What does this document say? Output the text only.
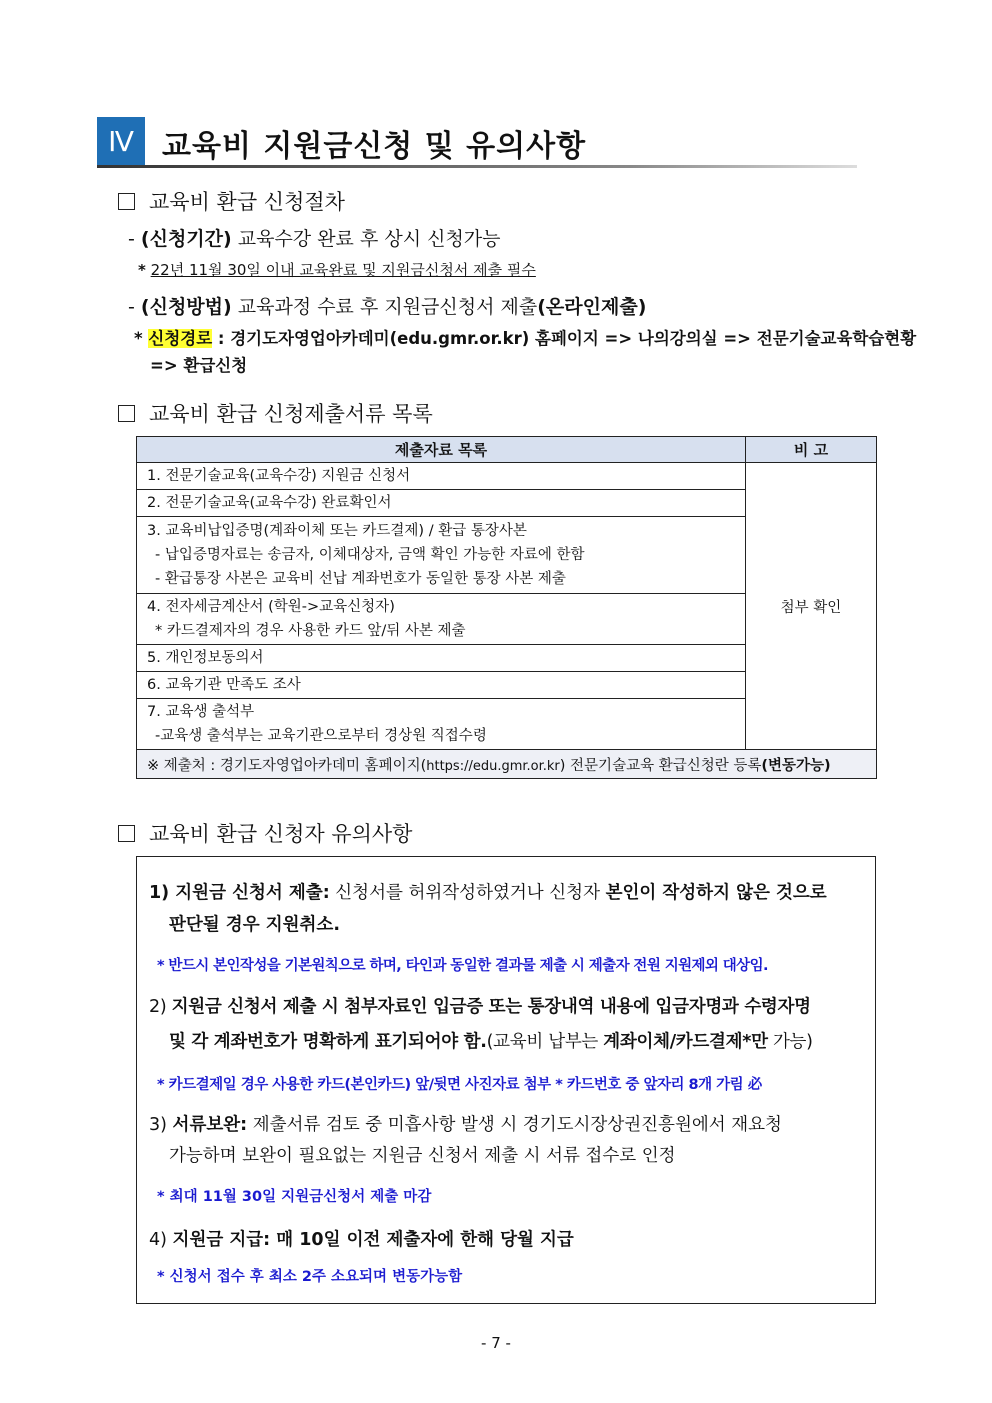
Ⅳ 교육비 지원금신청 및 유의사항
교육비 환급 신청절차
- (신청기간) 교육수강 완료 후 상시 신청가능
* 22년 11월 30일 이내 교육완료 및 지원금신청서 제출 필수
- (신청방법) 교육과정 수료 후 지원금신청서 제출(온라인제출)
* 신청경로 : 경기도자영업아카데미(edu.gmr.or.kr) 홈페이지 => 나의강의실 => 전문기술교육학습현황
=> 환급신청
교육비 환급 신청제출서류 목록
제출자료 목록	비 고
1. 전문기술교육(교육수강) 지원금 신청서	첨부 확인
2. 전문기술교육(교육수강) 완료확인서	

3. 교육비납입증명(계좌이체 또는 카드결제) / 환급 통장사본
- 납입증명자료는 송금자, 이체대상자, 금액 확인 가능한 자료에 한함
- 환급통장 사본은 교육비 선납 계좌번호가 동일한 통장 사본 제출	

4. 전자세금계산서 (학원->교육신청자)
* 카드결제자의 경우 사용한 카드 앞/뒤 사본 제출	

5. 개인정보동의서	
6. 교육기관 만족도 조사	

7. 교육생 출석부
-교육생 출석부는 교육기관으로부터 경상원 직접수령	

※ 제출처 : 경기도자영업아카데미 홈페이지(https://edu.gmr.or.kr) 전문기술교육 환급신청란 등록(변동가능)	
교육비 환급 신청자 유의사항
1) 지원금 신청서 제출: 신청서를 허위작성하였거나 신청자 본인이 작성하지 않은 것으로
판단될 경우 지원취소.
* 반드시 본인작성을 기본원칙으로 하며, 타인과 동일한 결과물 제출 시 제출자 전원 지원제외 대상임.
2) 지원금 신청서 제출 시 첨부자료인 입금증 또는 통장내역 내용에 입금자명과 수령자명
및 각 계좌번호가 명확하게 표기되어야 함.(교육비 납부는 계좌이체/카드결제*만 가능)
* 카드결제일 경우 사용한 카드(본인카드) 앞/뒷면 사진자료 첨부 * 카드번호 중 앞자리 8개 가림 必
3) 서류보완: 제출서류 검토 중 미흡사항 발생 시 경기도시장상권진흥원에서 재요청
가능하며 보완이 필요없는 지원금 신청서 제출 시 서류 접수로 인정
* 최대 11월 30일 지원금신청서 제출 마감
4) 지원금 지급: 매 10일 이전 제출자에 한해 당월 지급
* 신청서 접수 후 최소 2주 소요되며 변동가능함
- 7 -
